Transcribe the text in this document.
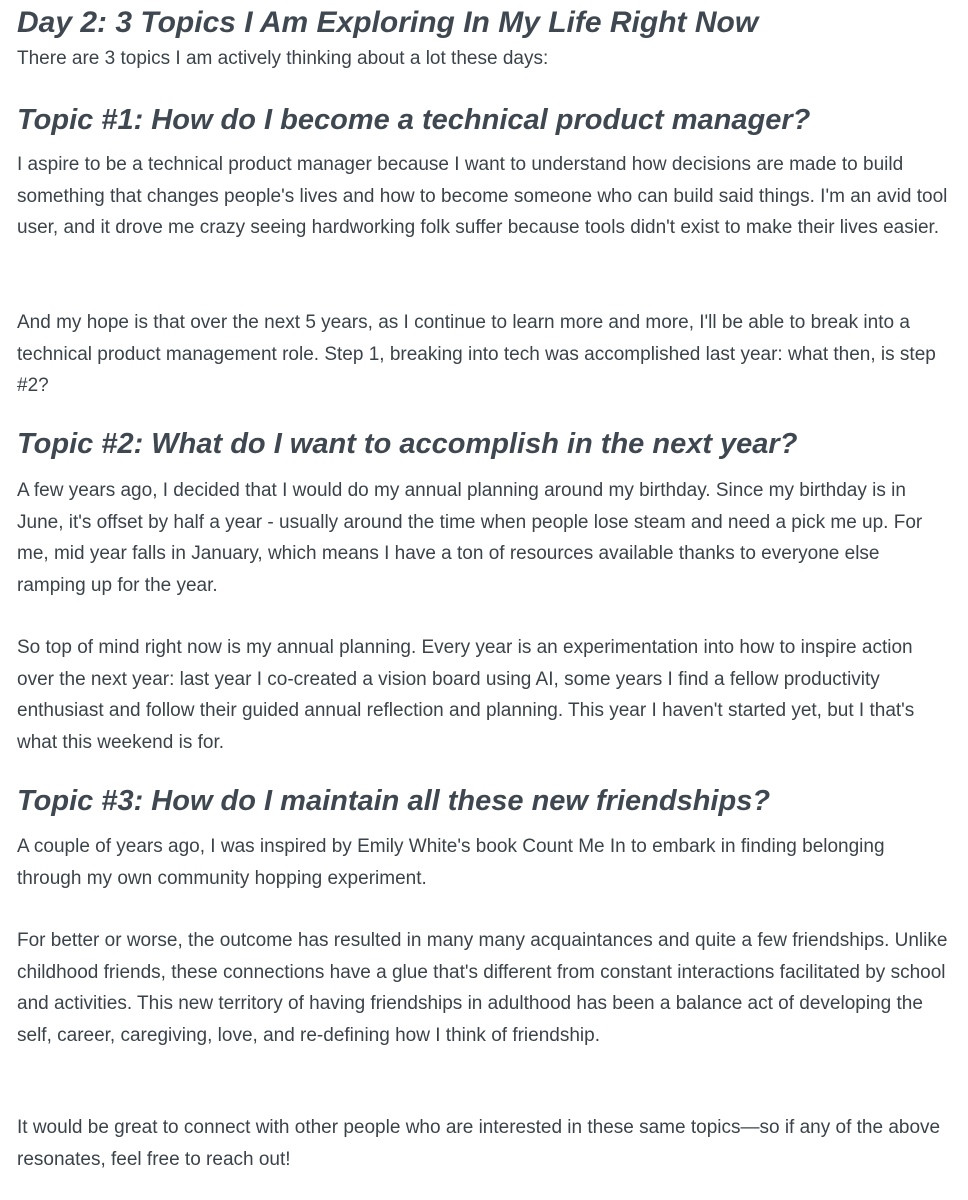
Day 2: 3 Topics I Am Exploring In My Life Right Now

There are 3 topics I am actively thinking about a lot these days:

Topic #1: How do I become a technical product manager?

I aspire to be a technical product manager because I want to understand how decisions are made to build something that changes people's lives and how to become someone who can build said things. I'm an avid tool user, and it drove me crazy seeing hardworking folk suffer because tools didn't exist to make their lives easier.

And my hope is that over the next 5 years, as I continue to learn more and more, I'll be able to break into a technical product management role. Step 1, breaking into tech was accomplished last year: what then, is step #2?

Topic #2: What do I want to accomplish in the next year?

A few years ago, I decided that I would do my annual planning around my birthday. Since my birthday is in June, it's offset by half a year - usually around the time when people lose steam and need a pick me up. For me, mid year falls in January, which means I have a ton of resources available thanks to everyone else ramping up for the year.

So top of mind right now is my annual planning. Every year is an experimentation into how to inspire action over the next year: last year I co-created a vision board using AI, some years I find a fellow productivity enthusiast and follow their guided annual reflection and planning. This year I haven't started yet, but I that's what this weekend is for.

Topic #3: How do I maintain all these new friendships?

A couple of years ago, I was inspired by Emily White's book Count Me In to embark in finding belonging through my own community hopping experiment.

For better or worse, the outcome has resulted in many many acquaintances and quite a few friendships. Unlike childhood friends, these connections have a glue that's different from constant interactions facilitated by school and activities. This new territory of having friendships in adulthood has been a balance act of developing the self, career, caregiving, love, and re-defining how I think of friendship.

It would be great to connect with other people who are interested in these same topics—so if any of the above resonates, feel free to reach out!
